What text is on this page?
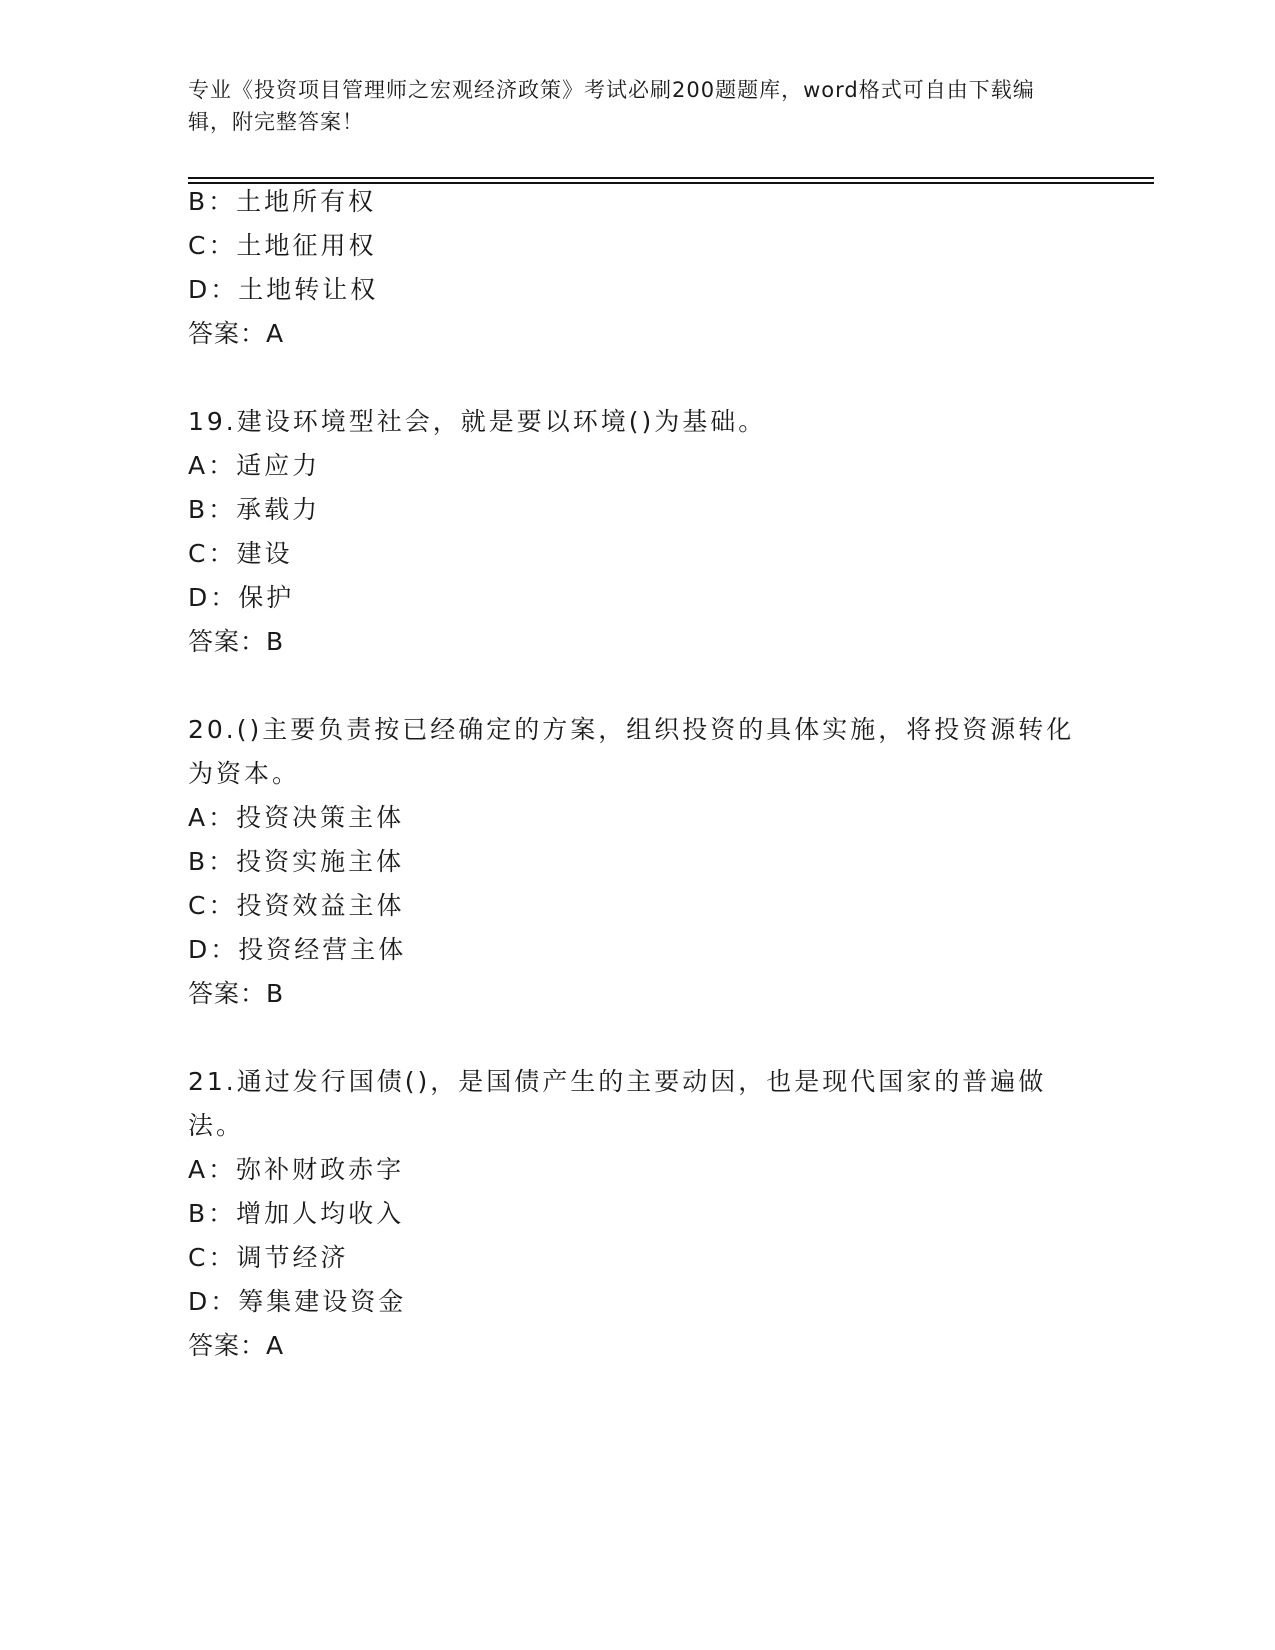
专业《投资项目管理师之宏观经济政策》考试必刷200题题库，word格式可自由下载编辑，附完整答案！
B：土地所有权
C：土地征用权
D：土地转让权
答案：A
19.建设环境型社会，就是要以环境()为基础。
A：适应力
B：承载力
C：建设
D：保护
答案：B
20.()主要负责按已经确定的方案，组织投资的具体实施，将投资源转化为资本。
A：投资决策主体
B：投资实施主体
C：投资效益主体
D：投资经营主体
答案：B
21.通过发行国债()，是国债产生的主要动因，也是现代国家的普遍做法。
A：弥补财政赤字
B：增加人均收入
C：调节经济
D：筹集建设资金
答案：A
